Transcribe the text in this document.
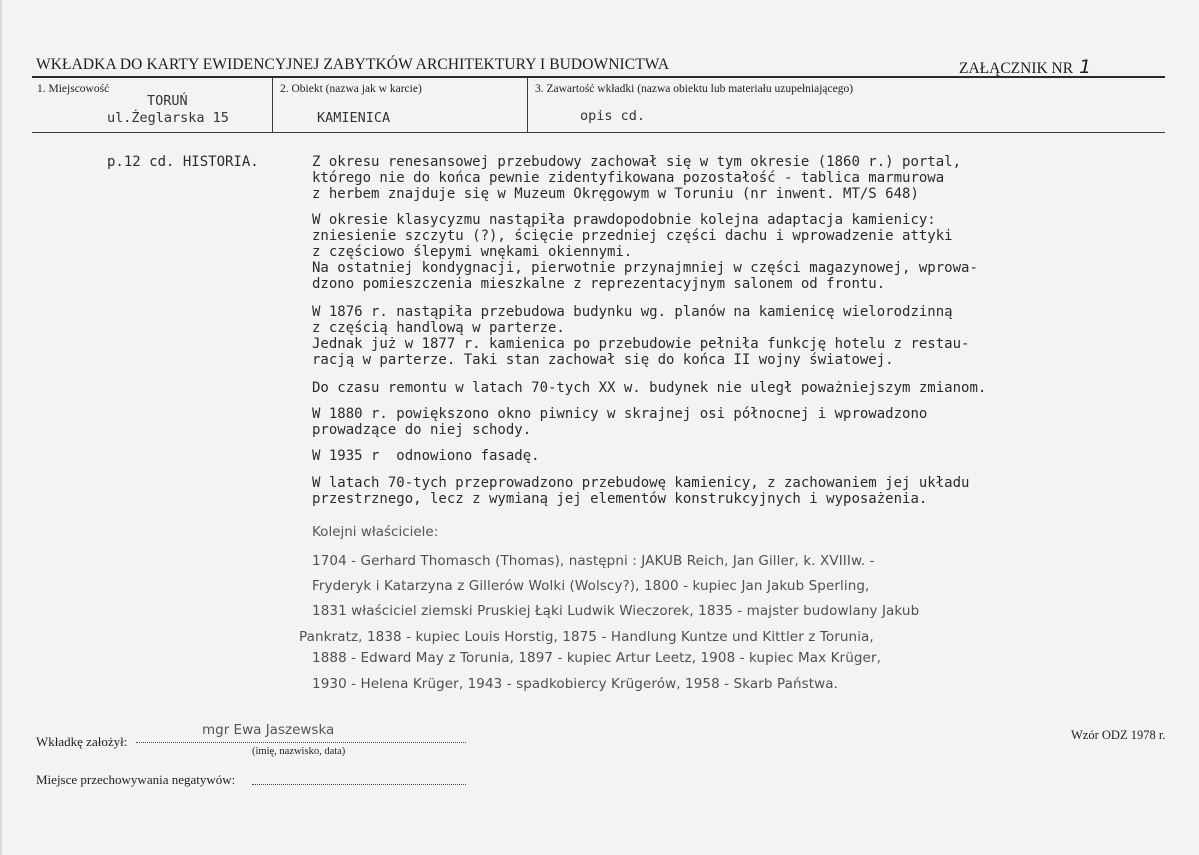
WKŁADKA DO KARTY EWIDENCYJNEJ ZABYTKÓW ARCHITEKTURY I BUDOWNICTWA	ZAŁĄCZNIK NR 1
1. Miejscowość
TORUŃ
ul.Żeglarska 15
2. Obiekt (nazwa jak w karcie)
KAMIENICA
3. Zawartość wkładki (nazwa obiektu lub materiału uzupełniającego)
opis cd.
p.12 cd. HISTORIA.	Z okresu renesansowej przebudowy zachował się w tym okresie (1860 r.) portal,
którego nie do końca pewnie zidentyfikowana pozostałość - tablica marmurowa
z herbem znajduje się w Muzeum Okręgowym w Toruniu (nr inwent. MT/S 648)
W okresie klasycyzmu nastąpiła prawdopodobnie kolejna adaptacja kamienicy:
zniesienie szczytu (?), ścięcie przedniej części dachu i wprowadzenie attyki
z częściowo ślepymi wnękami okiennymi.
Na ostatniej kondygnacji, pierwotnie przynajmniej w części magazynowej, wprowa-
dzono pomieszczenia mieszkalne z reprezentacyjnym salonem od frontu.
W 1876 r. nastąpiła przebudowa budynku wg. planów na kamienicę wielorodzinną
z częścią handlową w parterze.
Jednak już w 1877 r. kamienica po przebudowie pełniła funkcję hotelu z restau-
racją w parterze. Taki stan zachował się do końca II wojny światowej.
Do czasu remontu w latach 70-tych XX w. budynek nie uległ poważniejszym zmianom.
W 1880 r. powiększono okno piwnicy w skrajnej osi północnej i wprowadzono
prowadzące do niej schody.
W 1935 r  odnowiono fasadę.
W latach 70-tych przeprowadzono przebudowę kamienicy, z zachowaniem jej układu
przestrznego, lecz z wymianą jej elementów konstrukcyjnych i wyposażenia.
Kolejni właściciele:
1704 - Gerhard Thomasch (Thomas), następni : JAKUB Reich, Jan Giller, k. XVIIIw. -
Fryderyk i Katarzyna z Gillerów Wolki (Wolscy?), 1800 - kupiec Jan Jakub Sperling,
1831 właściciel ziemski Pruskiej Łąki Ludwik Wieczorek, 1835 - majster budowlany Jakub
Pankratz, 1838 - kupiec Louis Horstig, 1875 - Handlung Kuntze und Kittler z Torunia,
1888 - Edward May z Torunia, 1897 - kupiec Artur Leetz, 1908 - kupiec Max Krüger,
1930 - Helena Krüger, 1943 - spadkobiercy Krügerów, 1958 - Skarb Państwa.
Wkładkę założył:
mgr Ewa Jaszewska
(imię, nazwisko, data)
Miejsce przechowywania negatywów:
Wzór ODZ 1978 r.
